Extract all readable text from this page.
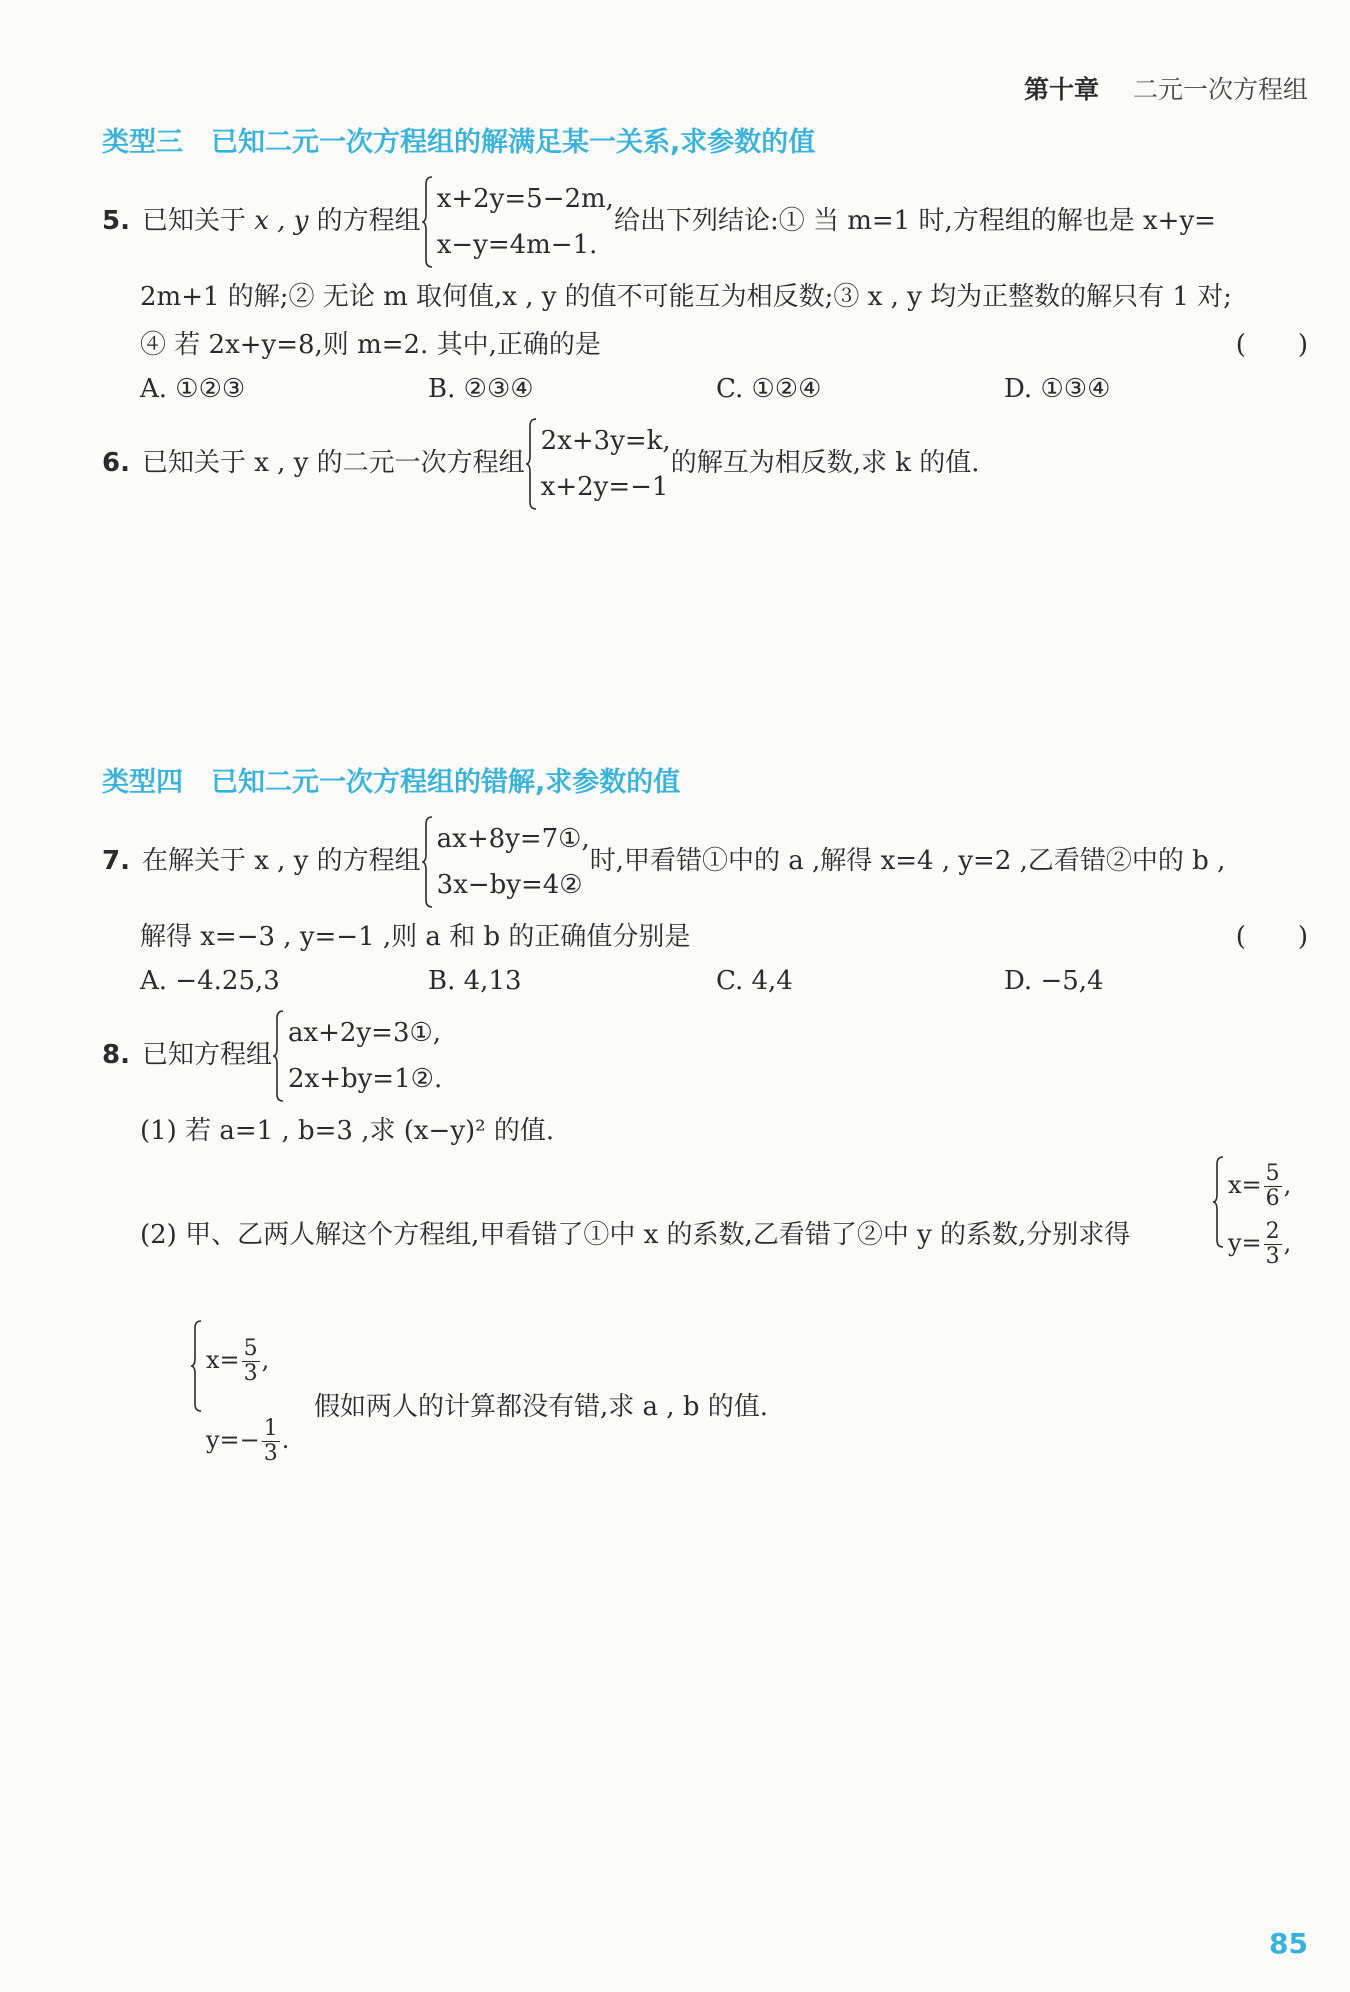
第十章 二元一次方程组
类型三 已知二元一次方程组的解满足某一关系,求参数的值
5. 已知关于 x , y 的方程组
x+2y=5−2m,
x−y=4m−1.
给出下列结论:① 当 m=1 时,方程组的解也是 x+y=
2m+1 的解;② 无论 m 取何值,x , y 的值不可能互为相反数;③ x , y 均为正整数的解只有 1 对;
④ 若 2x+y=8,则 m=2. 其中,正确的是	(　　)
A. ①②③	B. ②③④	C. ①②④	D. ①③④
6. 已知关于 x , y 的二元一次方程组
2x+3y=k,
x+2y=−1
的解互为相反数,求 k 的值.
类型四 已知二元一次方程组的错解,求参数的值
7. 在解关于 x , y 的方程组
ax+8y=7①,
3x−by=4②
时,甲看错①中的 a ,解得 x=4 , y=2 ,乙看错②中的 b ,
解得 x=−3 , y=−1 ,则 a 和 b 的正确值分别是	(　　)
A. −4.25,3	B. 4,13	C. 4,4	D. −5,4
8. 已知方程组
ax+2y=3①,
2x+by=1②.
(1) 若 a=1 , b=3 ,求 (x−y)² 的值.
(2) 甲、乙两人解这个方程组,甲看错了①中 x 的系数,乙看错了②中 y 的系数,分别求得
$x= \frac{5}{6}$ ,
$y= \frac{2}{3}$ ,
$x= \frac{5}{3}$ ,
$y=- \frac{1}{3}$ .
假如两人的计算都没有错,求 a , b 的值.
85
